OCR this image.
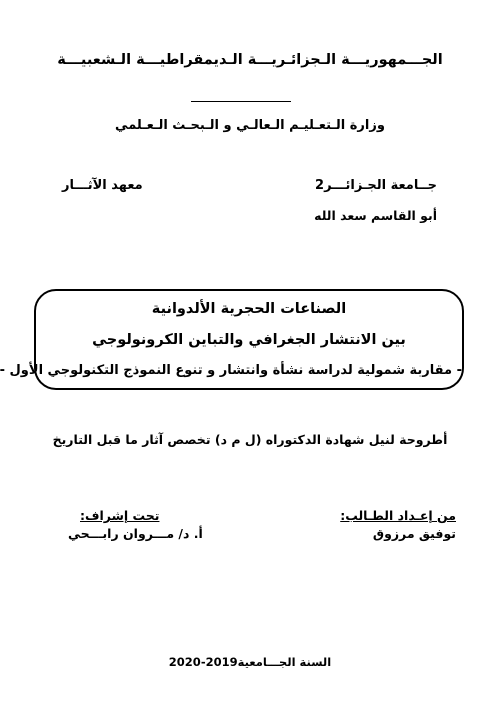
الجـــمهوريـــة الـجزائـريـــة الـديمقراطيـــة الـشعبيـــة
وزارة الـتعـليـم الـعالـي و الـبحـث الـعـلمي
جــامعة الجـزائـــر2
معهد الآثـــار
أبو القاسم سعد الله
الصناعات الحجرية الألدوانية
بين الانتشار الجغرافي والتباين الكرونولوجي
- مقاربة شمولية لدراسة نشأة وانتشار و تنوع النموذج التكنولوجي الأول -
أطروحة لنيل شهادة الدكتوراه (ل م د) تخصص آثار ما قبل التاريخ
تحت إشراف:
أ. د/ مـــروان رابـــحي
من إعـداد الطـالب:
توفيق مرزوق
السنة الجـــامعية2019-2020
